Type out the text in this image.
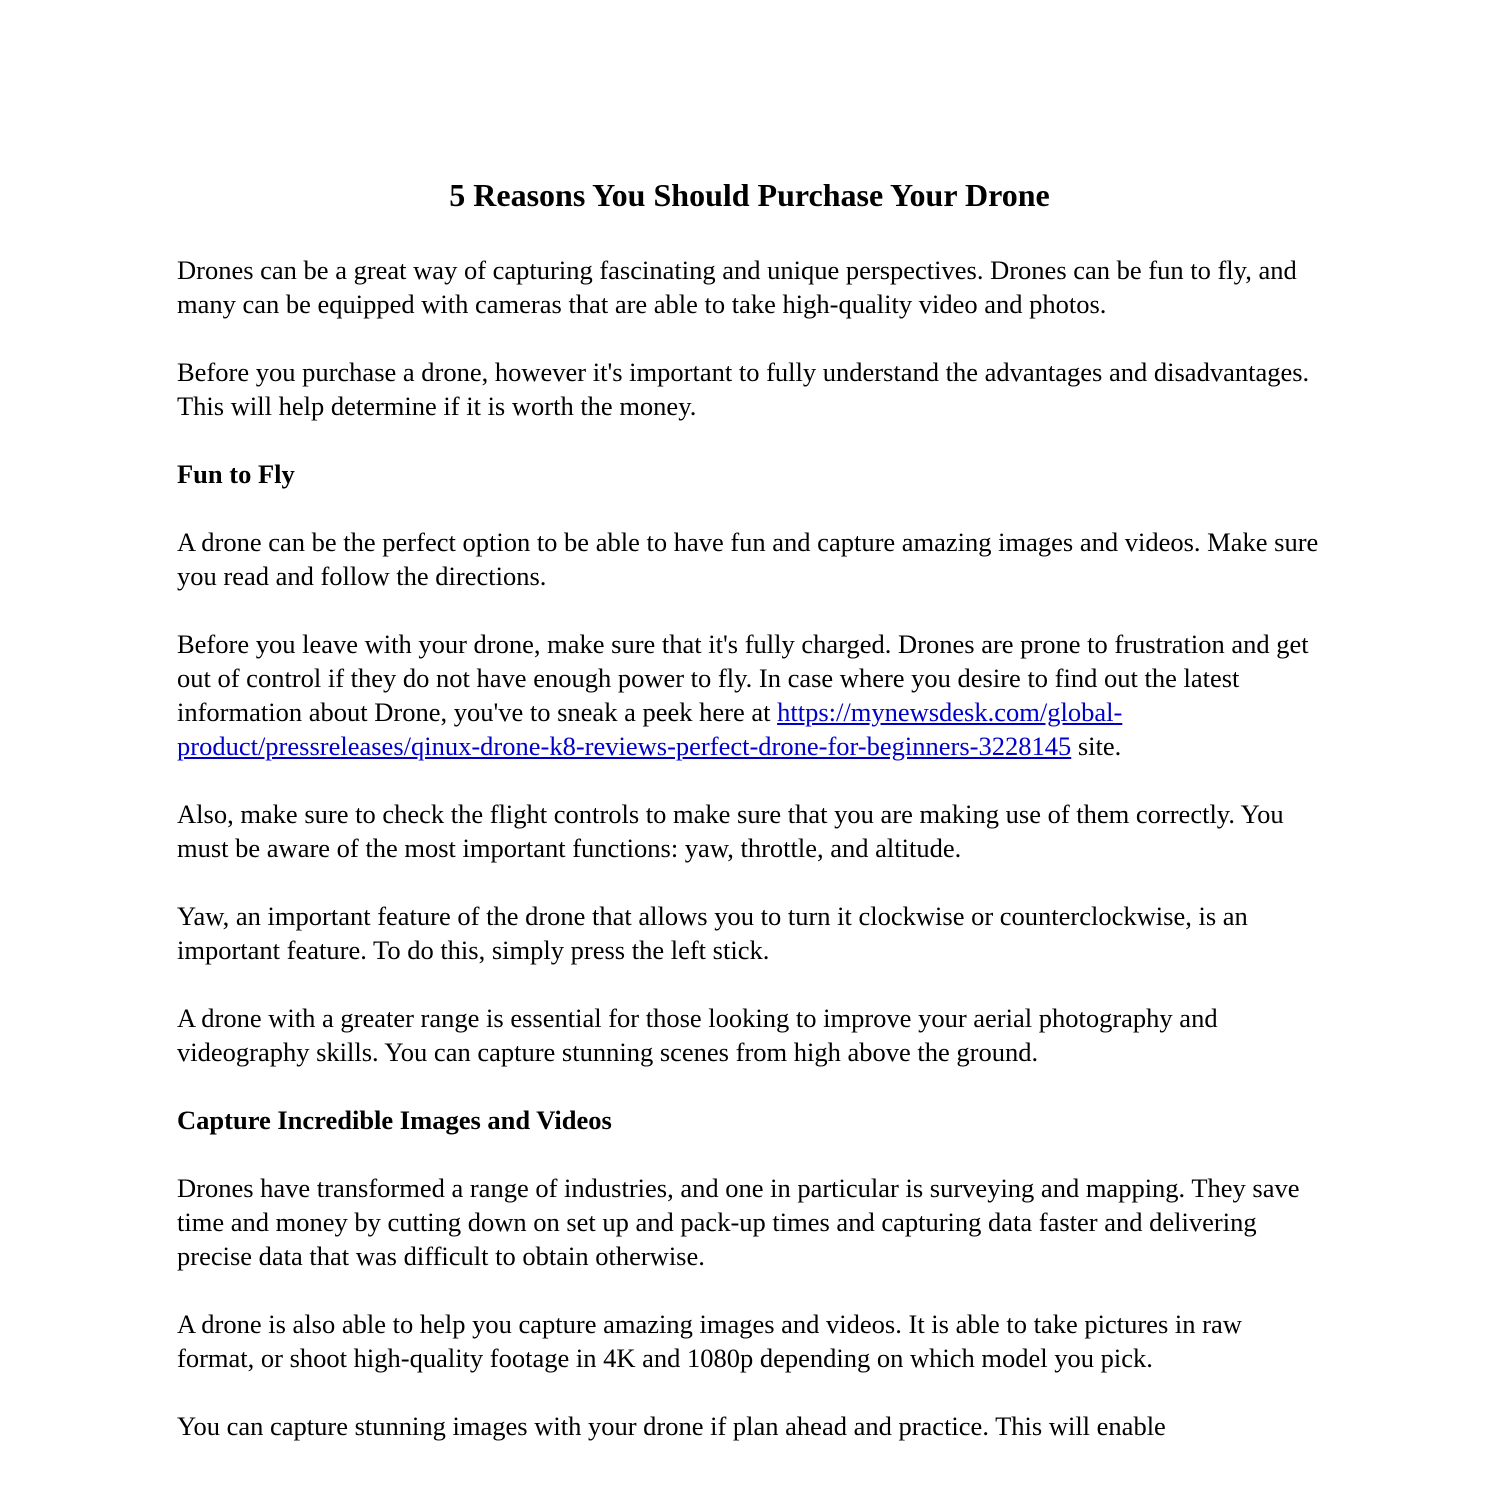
5 Reasons You Should Purchase Your Drone

Drones can be a great way of capturing fascinating and unique perspectives. Drones can be fun to fly, and many can be equipped with cameras that are able to take high-quality video and photos.

Before you purchase a drone, however it's important to fully understand the advantages and disadvantages. This will help determine if it is worth the money.

Fun to Fly

A drone can be the perfect option to be able to have fun and capture amazing images and videos. Make sure you read and follow the directions.

Before you leave with your drone, make sure that it's fully charged. Drones are prone to frustration and get out of control if they do not have enough power to fly. In case where you desire to find out the latest information about Drone, you've to sneak a peek here at https://mynewsdesk.com/global-product/pressreleases/qinux-drone-k8-reviews-perfect-drone-for-beginners-3228145 site.

Also, make sure to check the flight controls to make sure that you are making use of them correctly. You must be aware of the most important functions: yaw, throttle, and altitude.

Yaw, an important feature of the drone that allows you to turn it clockwise or counterclockwise, is an important feature. To do this, simply press the left stick.

A drone with a greater range is essential for those looking to improve your aerial photography and videography skills. You can capture stunning scenes from high above the ground.

Capture Incredible Images and Videos

Drones have transformed a range of industries, and one in particular is surveying and mapping. They save time and money by cutting down on set up and pack-up times and capturing data faster and delivering precise data that was difficult to obtain otherwise.

A drone is also able to help you capture amazing images and videos. It is able to take pictures in raw format, or shoot high-quality footage in 4K and 1080p depending on which model you pick.

You can capture stunning images with your drone if plan ahead and practice. This will enable
